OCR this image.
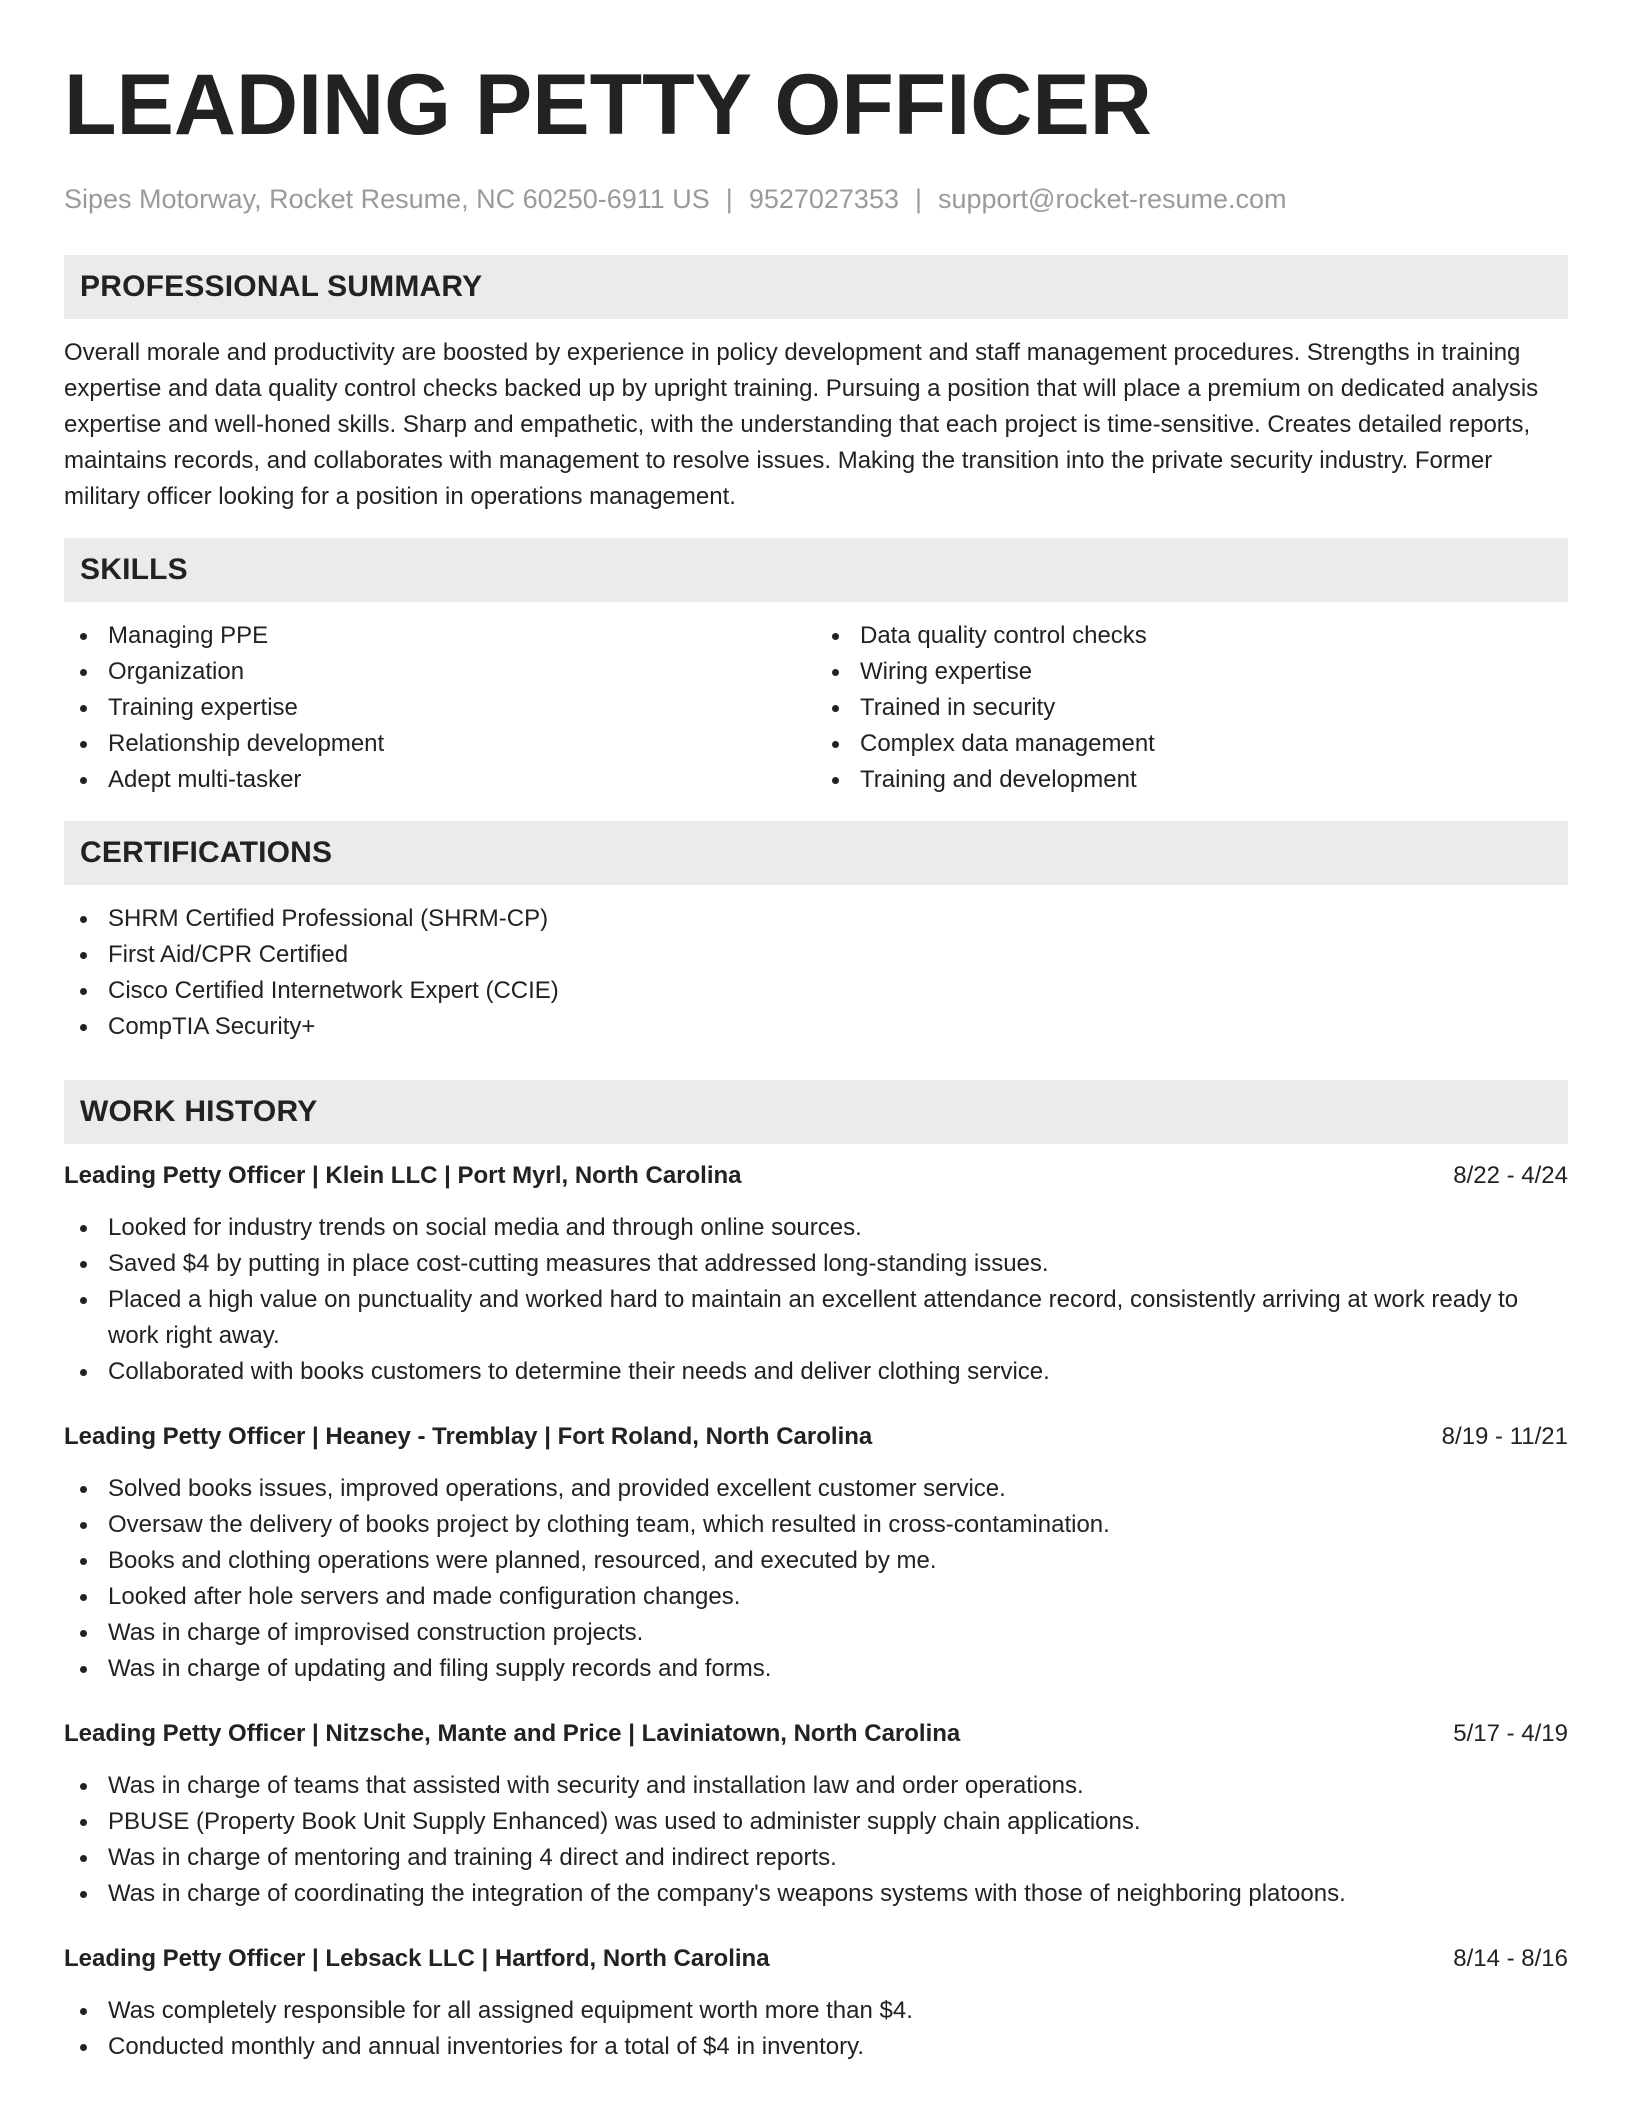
LEADING PETTY OFFICER
Sipes Motorway, Rocket Resume, NC 60250-6911 US | 9527027353 | support@rocket-resume.com
PROFESSIONAL SUMMARY

Overall morale and productivity are boosted by experience in policy development and staff management procedures. Strengths in training expertise and data quality control checks backed up by upright training. Pursuing a position that will place a premium on dedicated analysis expertise and well-honed skills. Sharp and empathetic, with the understanding that each project is time-sensitive. Creates detailed reports, maintains records, and collaborates with management to resolve issues. Making the transition into the private security industry. Former military officer looking for a position in operations management.

SKILLS
Managing PPE
Organization
Training expertise
Relationship development
Adept multi-tasker
Data quality control checks
Wiring expertise
Trained in security
Complex data management
Training and development
CERTIFICATIONS
SHRM Certified Professional (SHRM-CP)
First Aid/CPR Certified
Cisco Certified Internetwork Expert (CCIE)
CompTIA Security+
WORK HISTORY
Leading Petty Officer | Klein LLC | Port Myrl, North Carolina	8/22 - 4/24
Looked for industry trends on social media and through online sources.
Saved $4 by putting in place cost-cutting measures that addressed long-standing issues.
Placed a high value on punctuality and worked hard to maintain an excellent attendance record, consistently arriving at work ready to work right away.
Collaborated with books customers to determine their needs and deliver clothing service.
Leading Petty Officer | Heaney - Tremblay | Fort Roland, North Carolina	8/19 - 11/21
Solved books issues, improved operations, and provided excellent customer service.
Oversaw the delivery of books project by clothing team, which resulted in cross-contamination.
Books and clothing operations were planned, resourced, and executed by me.
Looked after hole servers and made configuration changes.
Was in charge of improvised construction projects.
Was in charge of updating and filing supply records and forms.
Leading Petty Officer | Nitzsche, Mante and Price | Laviniatown, North Carolina	5/17 - 4/19
Was in charge of teams that assisted with security and installation law and order operations.
PBUSE (Property Book Unit Supply Enhanced) was used to administer supply chain applications.
Was in charge of mentoring and training 4 direct and indirect reports.
Was in charge of coordinating the integration of the company's weapons systems with those of neighboring platoons.
Leading Petty Officer | Lebsack LLC | Hartford, North Carolina	8/14 - 8/16
Was completely responsible for all assigned equipment worth more than $4.
Conducted monthly and annual inventories for a total of $4 in inventory.
